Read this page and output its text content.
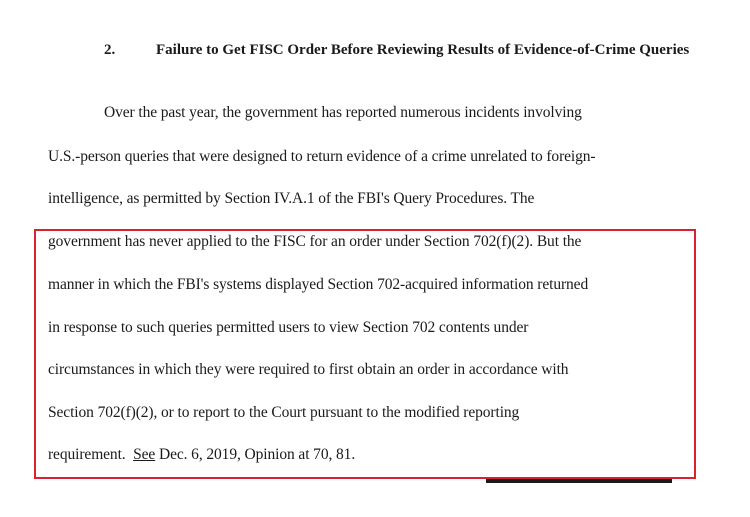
2.	Failure to Get FISC Order Before Reviewing Results of Evidence-of-Crime Queries
Over the past year, the government has reported numerous incidents involving
U.S.-person queries that were designed to return evidence of a crime unrelated to foreign-
intelligence, as permitted by Section IV.A.1 of the FBI's Query Procedures. The
government has never applied to the FISC for an order under Section 702(f)(2). But the
manner in which the FBI's systems displayed Section 702-acquired information returned
in response to such queries permitted users to view Section 702 contents under
circumstances in which they were required to first obtain an order in accordance with
Section 702(f)(2), or to report to the Court pursuant to the modified reporting
requirement.  See Dec. 6, 2019, Opinion at 70, 81.
